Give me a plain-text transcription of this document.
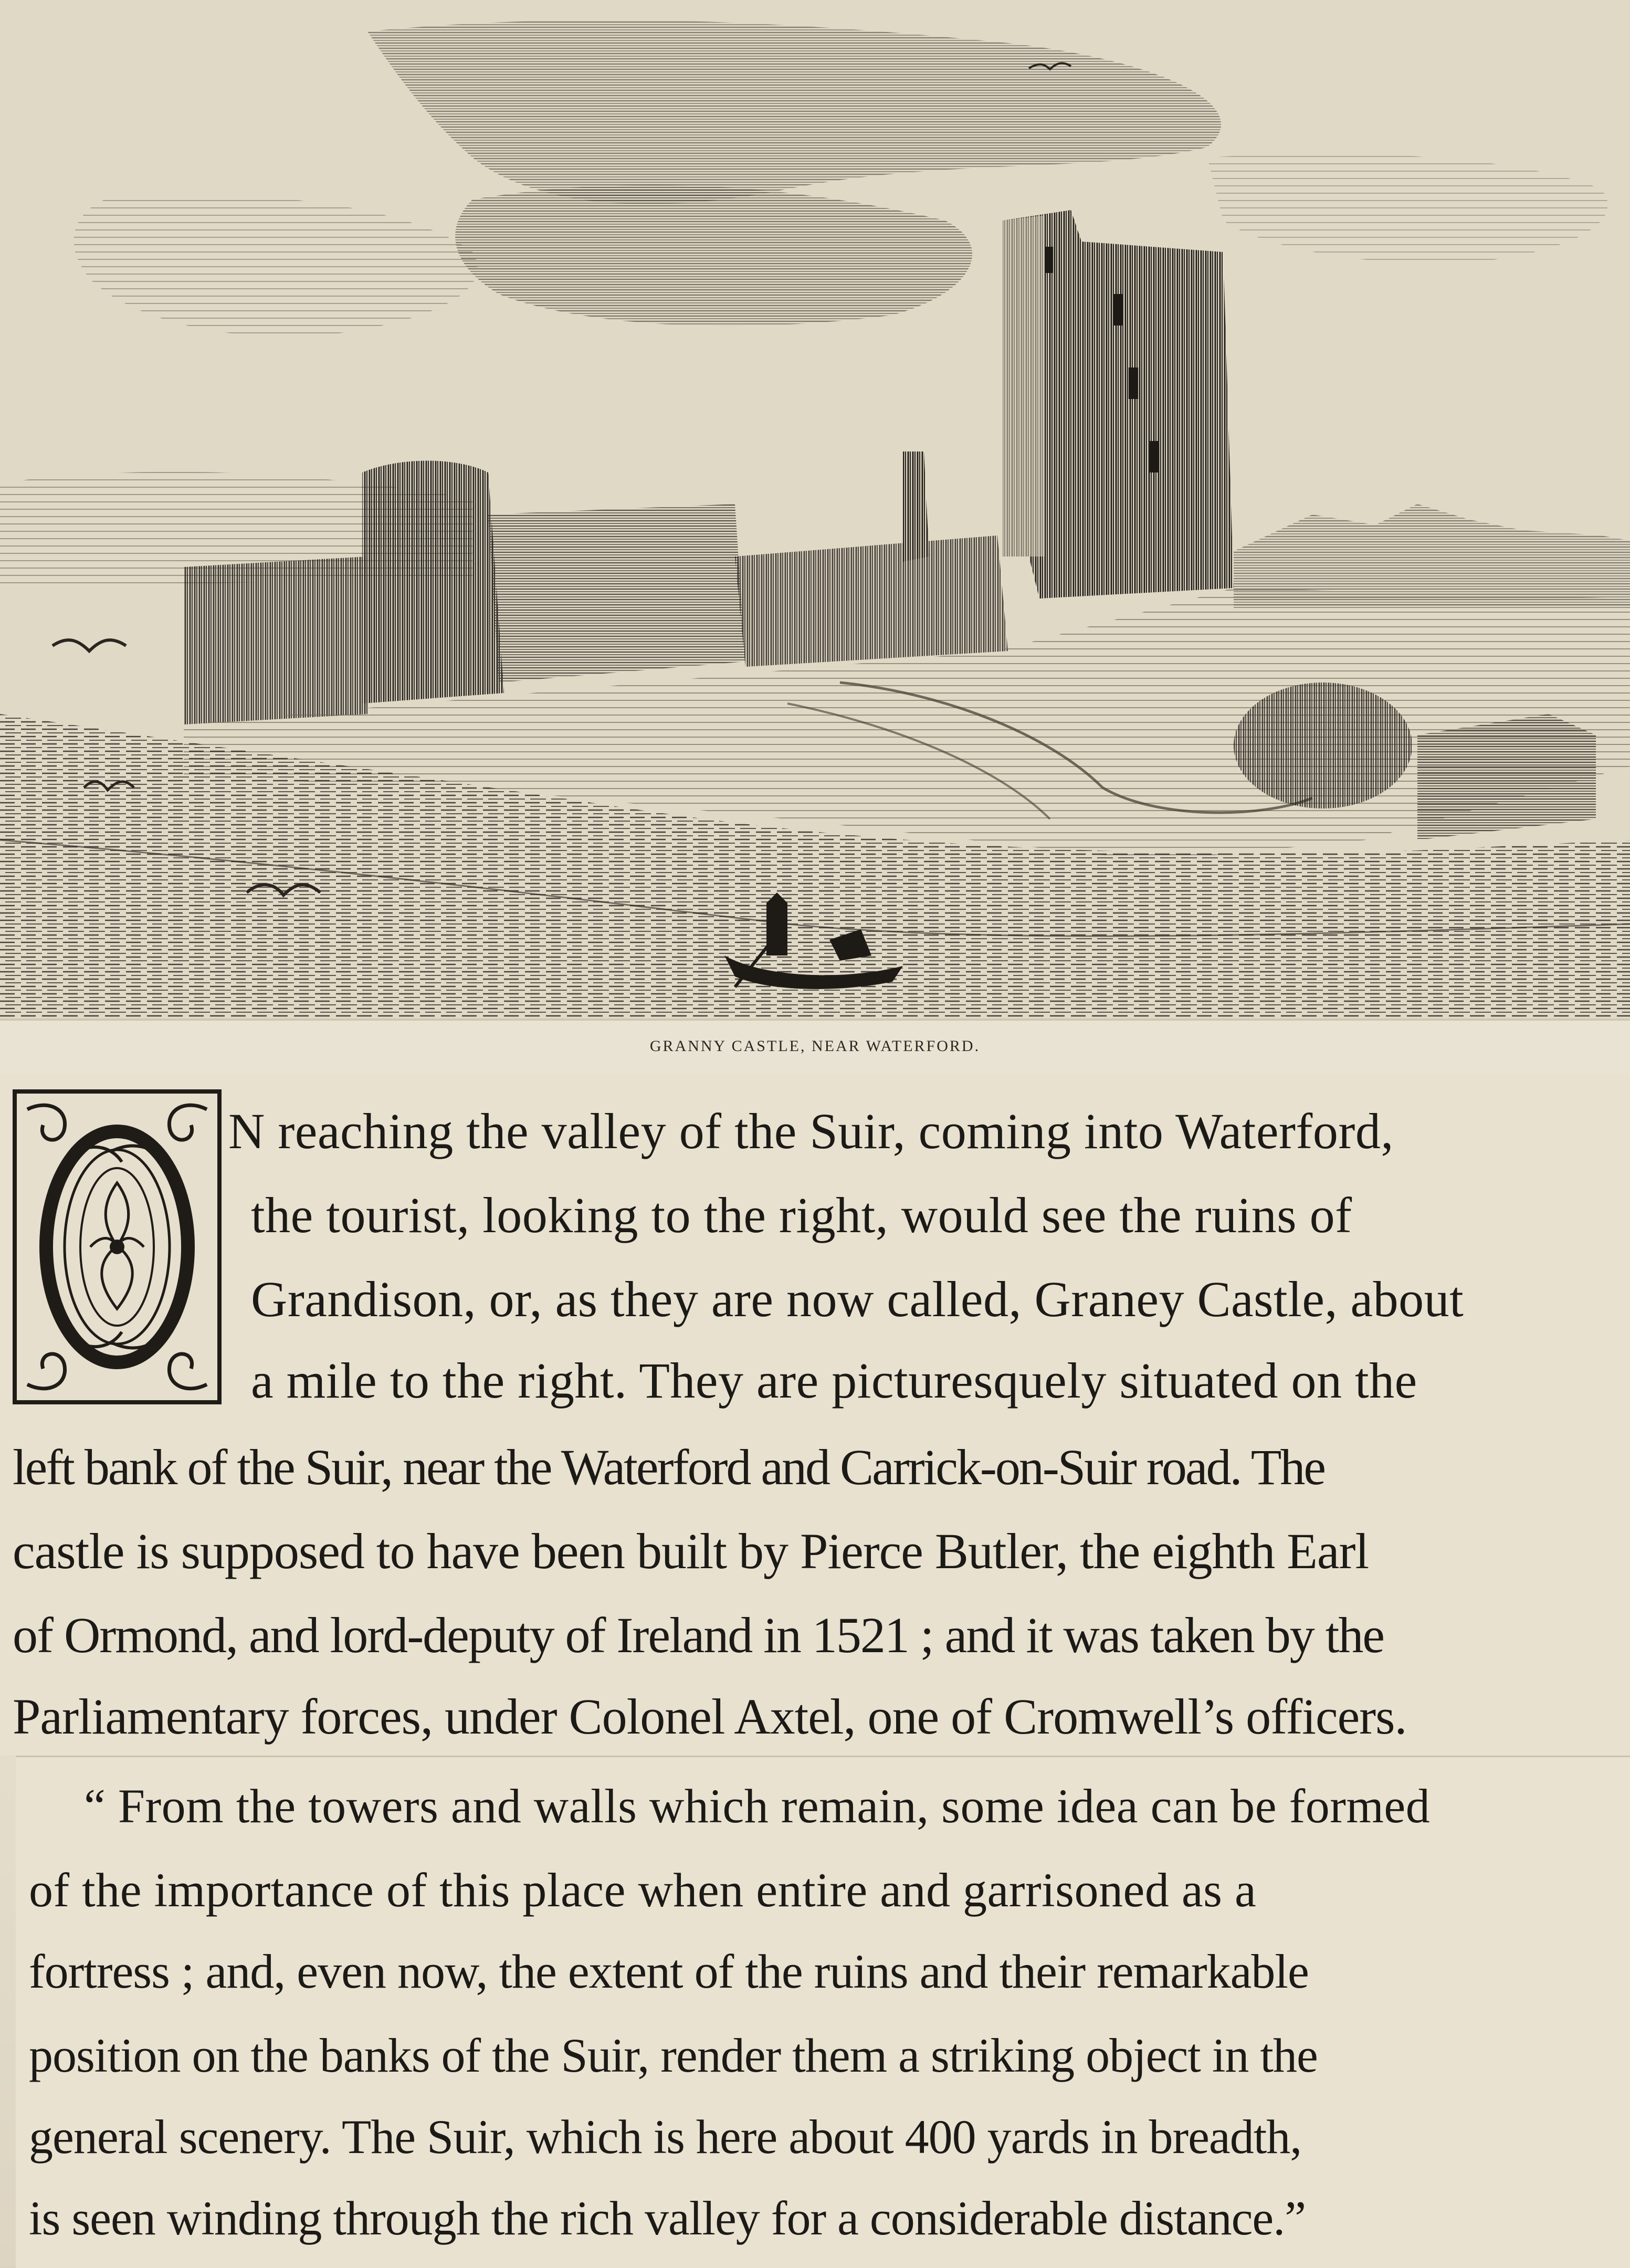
GRANNY CASTLE, NEAR WATERFORD.
N reaching the valley of the Suir, coming into Waterford,
the tourist, looking to the right, would see the ruins of
Grandison, or, as they are now called, Graney Castle, about
a mile to the right. They are picturesquely situated on the
left bank of the Suir, near the Waterford and Carrick-on-Suir road. The
castle is supposed to have been built by Pierce Butler, the eighth Earl
of Ormond, and lord-deputy of Ireland in 1521 ; and it was taken by the
Parliamentary forces, under Colonel Axtel, one of Cromwell’s officers.
“ From the towers and walls which remain, some idea can be formed
of the importance of this place when entire and garrisoned as a
fortress ; and, even now, the extent of the ruins and their remarkable
position on the banks of the Suir, render them a striking object in the
general scenery. The Suir, which is here about 400 yards in breadth,
is seen winding through the rich valley for a considerable distance.”
